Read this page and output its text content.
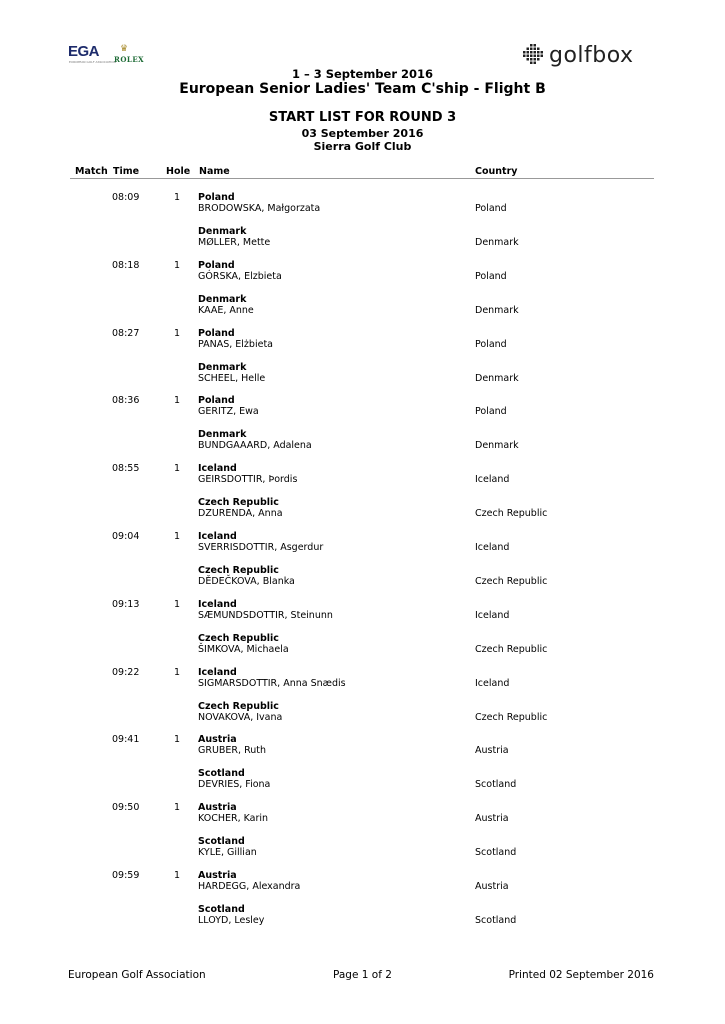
EGA
EUROPEAN GOLF ASSOCIATION
♛
ROLEX	golfbox
1 – 3 September 2016
European Senior Ladies' Team C'ship - Flight B
START LIST FOR ROUND 3
03 September 2016
Sierra Golf Club
Match Time	Hole Name	Country
08:09	1 Poland
BRODOWSKA, Małgorzata	Poland
Denmark
MØLLER, Mette	Denmark
08:18	1 Poland
GÓRSKA, Elzbieta	Poland
Denmark
KAAE, Anne	Denmark
08:27	1 Poland
PANAS, Elżbieta	Poland
Denmark
SCHEEL, Helle	Denmark
08:36	1 Poland
GERITZ, Ewa	Poland
Denmark
BUNDGAAARD, Adalena	Denmark
08:55	1 Iceland
GEIRSDOTTIR, Þordis	Iceland
Czech Republic
DZURENDA, Anna	Czech Republic
09:04	1 Iceland
SVERRISDOTTIR, Asgerdur	Iceland
Czech Republic
DĚDEČKOVA, Blanka	Czech Republic
09:13	1 Iceland
SÆMUNDSDOTTIR, Steinunn	Iceland
Czech Republic
ŠIMKOVA, Michaela	Czech Republic
09:22	1 Iceland
SIGMARSDOTTIR, Anna Snædis	Iceland
Czech Republic
NOVAKOVA, Ivana	Czech Republic
09:41	1 Austria
GRUBER, Ruth	Austria
Scotland
DEVRIES, Fiona	Scotland
09:50	1 Austria
KOCHER, Karin	Austria
Scotland
KYLE, Gillian	Scotland
09:59	1 Austria
HARDEGG, Alexandra	Austria
Scotland
LLOYD, Lesley	Scotland
European Golf Association	Page 1 of 2	Printed 02 September 2016
